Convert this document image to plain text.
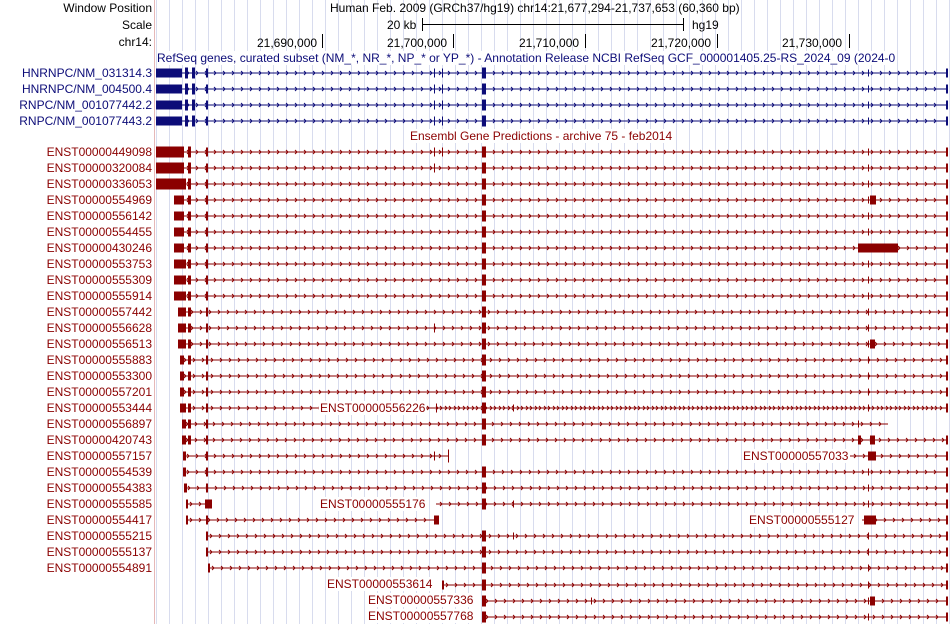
Window Position
Scale
chr14:
HNRNPC/NM_031314.3
HNRNPC/NM_004500.4
RNPC/NM_001077442.2
RNPC/NM_001077443.2
ENST00000449098
ENST00000320084
ENST00000336053
ENST00000554969
ENST00000556142
ENST00000554455
ENST00000430246
ENST00000553753
ENST00000555309
ENST00000555914
ENST00000557442
ENST00000556628
ENST00000556513
ENST00000555883
ENST00000553300
ENST00000557201
ENST00000553444
ENST00000556897
ENST00000420743
ENST00000557157
ENST00000554539
ENST00000554383
ENST00000555585
ENST00000554417
ENST00000555215
ENST00000555137
ENST00000554891
Human Feb. 2009 (GRCh37/hg19) chr14:21,677,294-21,737,653 (60,360 bp)
20 kb	hg19
21,690,000	21,700,000	21,710,000	21,720,000	21,730,000
RefSeq genes, curated subset (NM_*, NR_*, NP_* or YP_*) - Annotation Release NCBI RefSeq GCF_000001405.25-RS_2024_09 (2024-0
Ensembl Gene Predictions - archive 75 - feb2014
ENST00000556226
ENST00000557033
ENST00000555176
ENST00000555127
ENST00000553614
ENST00000557336
ENST00000557768
